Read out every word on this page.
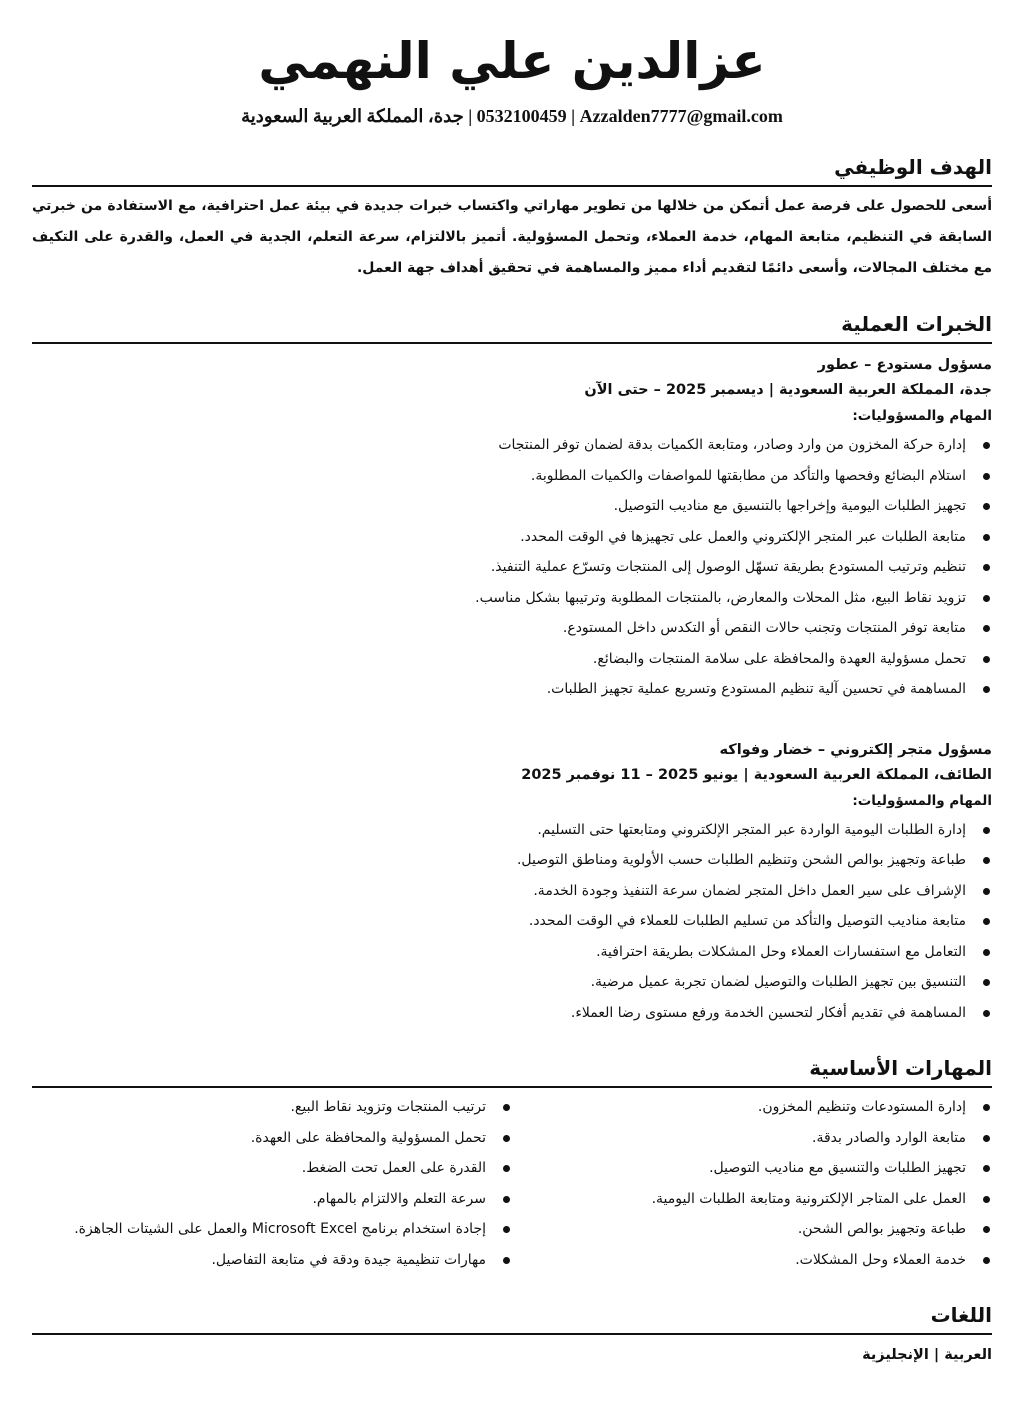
عزالدين علي النهمي
0532100459 | Azzalden7777@gmail.com | جدة، المملكة العربية السعودية
الهدف الوظيفي
أسعى للحصول على فرصة عمل أتمكن من خلالها من تطوير مهاراتي واكتساب خبرات جديدة في بيئة عمل احترافية، مع الاستفادة من خبرتي السابقة في التنظيم، متابعة المهام، خدمة العملاء، وتحمل المسؤولية. أتميز بالالتزام، سرعة التعلم، الجدية في العمل، والقدرة على التكيف مع مختلف المجالات، وأسعى دائمًا لتقديم أداء مميز والمساهمة في تحقيق أهداف جهة العمل.
الخبرات العملية
مسؤول مستودع – عطور
جدة، المملكة العربية السعودية | ديسمبر 2025 – حتى الآن
المهام والمسؤوليات:
إدارة حركة المخزون من وارد وصادر، ومتابعة الكميات بدقة لضمان توفر المنتجات
استلام البضائع وفحصها والتأكد من مطابقتها للمواصفات والكميات المطلوبة.
تجهيز الطلبات اليومية وإخراجها بالتنسيق مع مناديب التوصيل.
متابعة الطلبات عبر المتجر الإلكتروني والعمل على تجهيزها في الوقت المحدد.
تنظيم وترتيب المستودع بطريقة تسهّل الوصول إلى المنتجات وتسرّع عملية التنفيذ.
تزويد نقاط البيع، مثل المحلات والمعارض، بالمنتجات المطلوبة وترتيبها بشكل مناسب.
متابعة توفر المنتجات وتجنب حالات النقص أو التكدس داخل المستودع.
تحمل مسؤولية العهدة والمحافظة على سلامة المنتجات والبضائع.
المساهمة في تحسين آلية تنظيم المستودع وتسريع عملية تجهيز الطلبات.
مسؤول متجر إلكتروني – خضار وفواكه
الطائف، المملكة العربية السعودية | يونيو 2025 – 11 نوفمبر 2025
المهام والمسؤوليات:
إدارة الطلبات اليومية الواردة عبر المتجر الإلكتروني ومتابعتها حتى التسليم.
طباعة وتجهيز بوالص الشحن وتنظيم الطلبات حسب الأولوية ومناطق التوصيل.
الإشراف على سير العمل داخل المتجر لضمان سرعة التنفيذ وجودة الخدمة.
متابعة مناديب التوصيل والتأكد من تسليم الطلبات للعملاء في الوقت المحدد.
التعامل مع استفسارات العملاء وحل المشكلات بطريقة احترافية.
التنسيق بين تجهيز الطلبات والتوصيل لضمان تجربة عميل مرضية.
المساهمة في تقديم أفكار لتحسين الخدمة ورفع مستوى رضا العملاء.
المهارات الأساسية
إدارة المستودعات وتنظيم المخزون.
متابعة الوارد والصادر بدقة.
تجهيز الطلبات والتنسيق مع مناديب التوصيل.
العمل على المتاجر الإلكترونية ومتابعة الطلبات اليومية.
طباعة وتجهيز بوالص الشحن.
خدمة العملاء وحل المشكلات.
ترتيب المنتجات وتزويد نقاط البيع.
تحمل المسؤولية والمحافظة على العهدة.
القدرة على العمل تحت الضغط.
سرعة التعلم والالتزام بالمهام.
إجادة استخدام برنامج Microsoft Excel والعمل على الشيتات الجاهزة.
مهارات تنظيمية جيدة ودقة في متابعة التفاصيل.
اللغات
العربية | الإنجليزية
